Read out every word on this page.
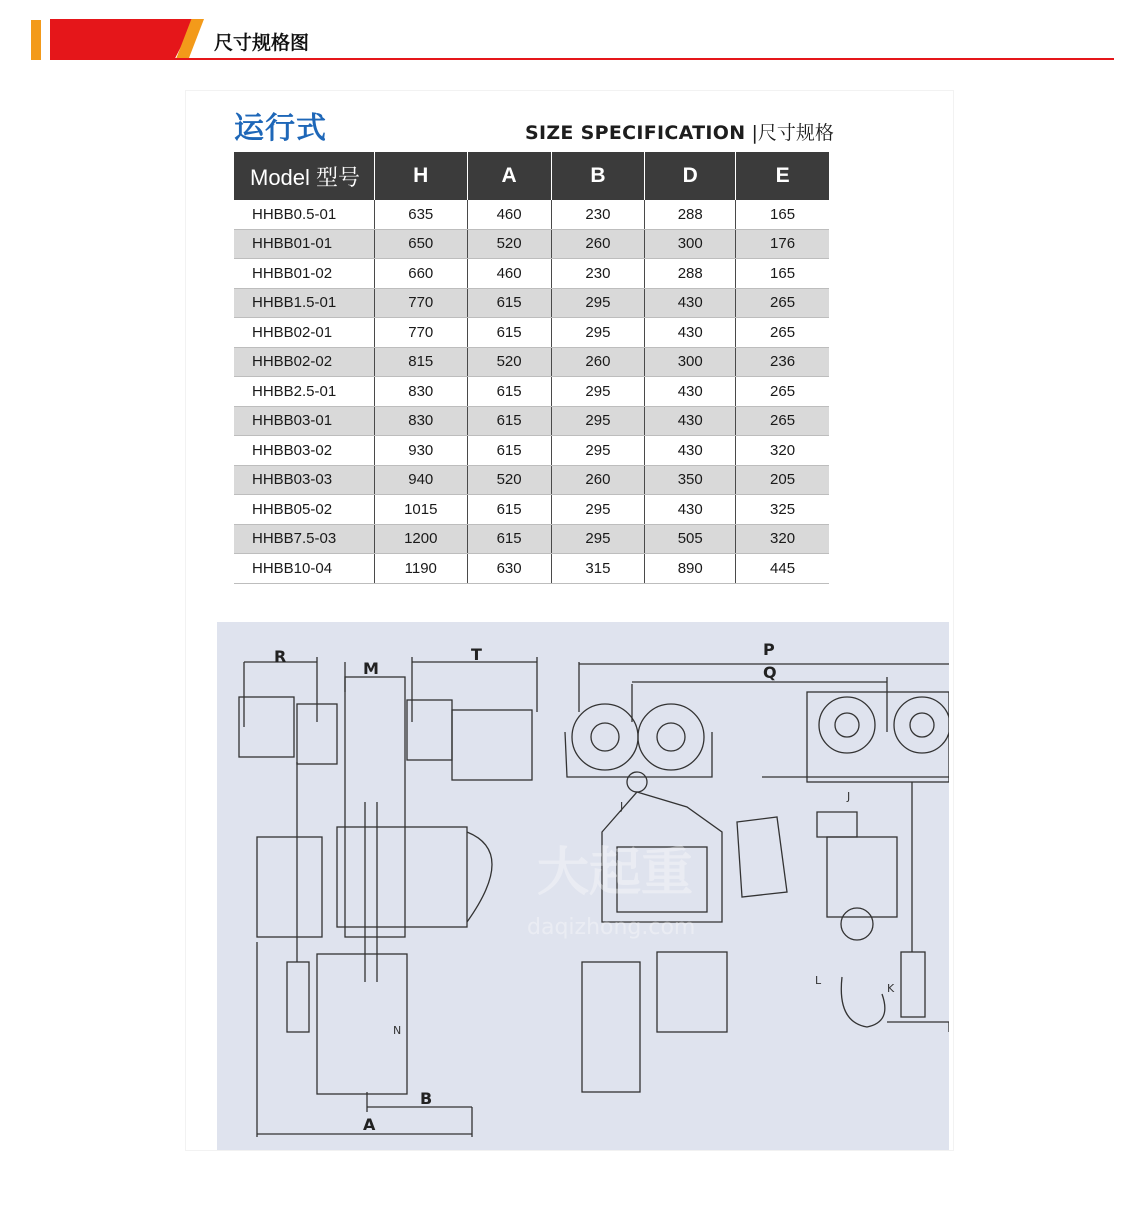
尺寸规格图
运行式	SIZE SPECIFICATION |尺寸规格
Model 型号	H	A	B	D	E
HHBB0.5-01	635	460	230	288	165
HHBB01-01	650	520	260	300	176
HHBB01-02	660	460	230	288	165
HHBB1.5-01	770	615	295	430	265
HHBB02-01	770	615	295	430	265
HHBB02-02	815	520	260	300	236
HHBB2.5-01	830	615	295	430	265
HHBB03-01	830	615	295	430	265
HHBB03-02	930	615	295	430	320
HHBB03-03	940	520	260	350	205
HHBB05-02	1015	615	295	430	325
HHBB7.5-03	1200	615	295	505	320
HHBB10-04	1190	630	315	890	445
R
M
T	P
Q
A
B
N
J
J
K
L
大起重
daqizhong.com
